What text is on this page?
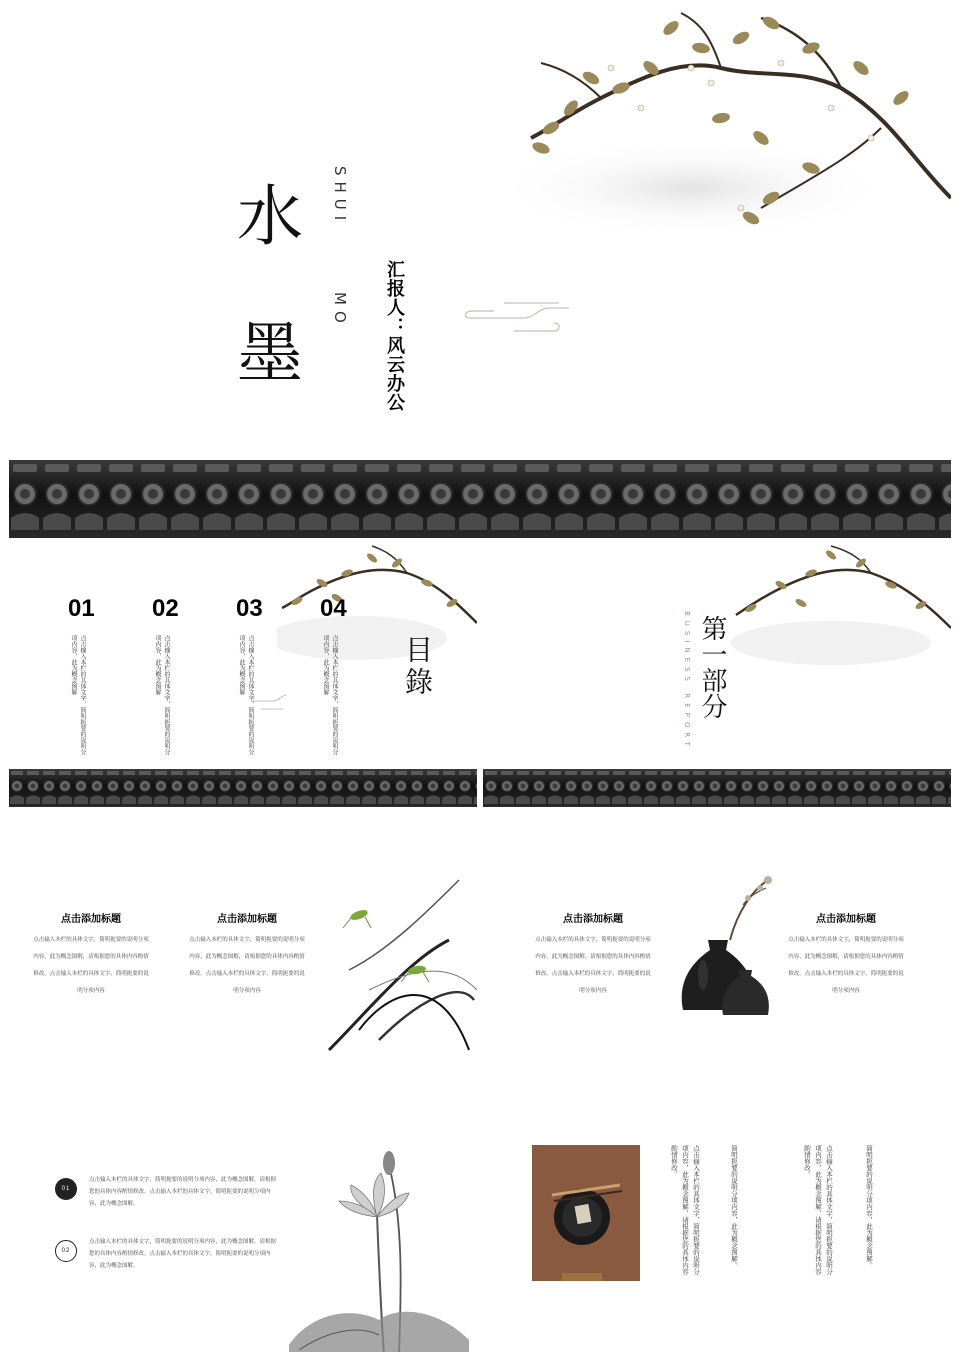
水
墨
SHUI
MO 汇报人：风云办公
01 02 03 04
点击输入本栏的具体文字，简明扼要的说明分项内容，此为概念图解	点击输入本栏的具体文字，简明扼要的说明分项内容，此为概念图解	点击输入本栏的具体文字，简明扼要的说明分项内容，此为概念图解	点击输入本栏的具体文字，简明扼要的说明分项内容，此为概念图解	目錄	BUSINESS REPORT 第一部分
点击添加标题
点击输入本栏的具体文字，简明扼要的说明分项内容，此为概念图解，请根据您的具体内容酌情修改。点击输入本栏的具体文字，简明扼要的说明分项内容
点击添加标题
点击输入本栏的具体文字，简明扼要的说明分项内容，此为概念图解，请根据您的具体内容酌情修改。点击输入本栏的具体文字，简明扼要的说明分项内容
点击添加标题
点击输入本栏的具体文字，简明扼要的说明分项内容，此为概念图解，请根据您的具体内容酌情修改。点击输入本栏的具体文字，简明扼要的说明分项内容
点击添加标题
点击输入本栏的具体文字，简明扼要的说明分项内容，此为概念图解，请根据您的具体内容酌情修改。点击输入本栏的具体文字，简明扼要的说明分项内容
01
点击输入本栏的具体文字，简明扼要的说明分项内容，此为概念图解，请根据您的具体内容酌情修改。点击输入本栏的具体文字，简明扼要的说明分项内容，此为概念图解。
02
点击输入本栏的具体文字，简明扼要的说明分项内容，此为概念图解，请根据您的具体内容酌情修改。点击输入本栏的具体文字，简明扼要的说明分项内容，此为概念图解。	点击输入本栏的具体文字，简明扼要的说明分项内容，此为概念图解，请根据您的具体内容酌情修改。	简明扼要的说明分项内容，此为概念图解。	点击输入本栏的具体文字，简明扼要的说明分项内容，此为概念图解，请根据您的具体内容酌情修改。	简明扼要的说明分项内容，此为概念图解。
